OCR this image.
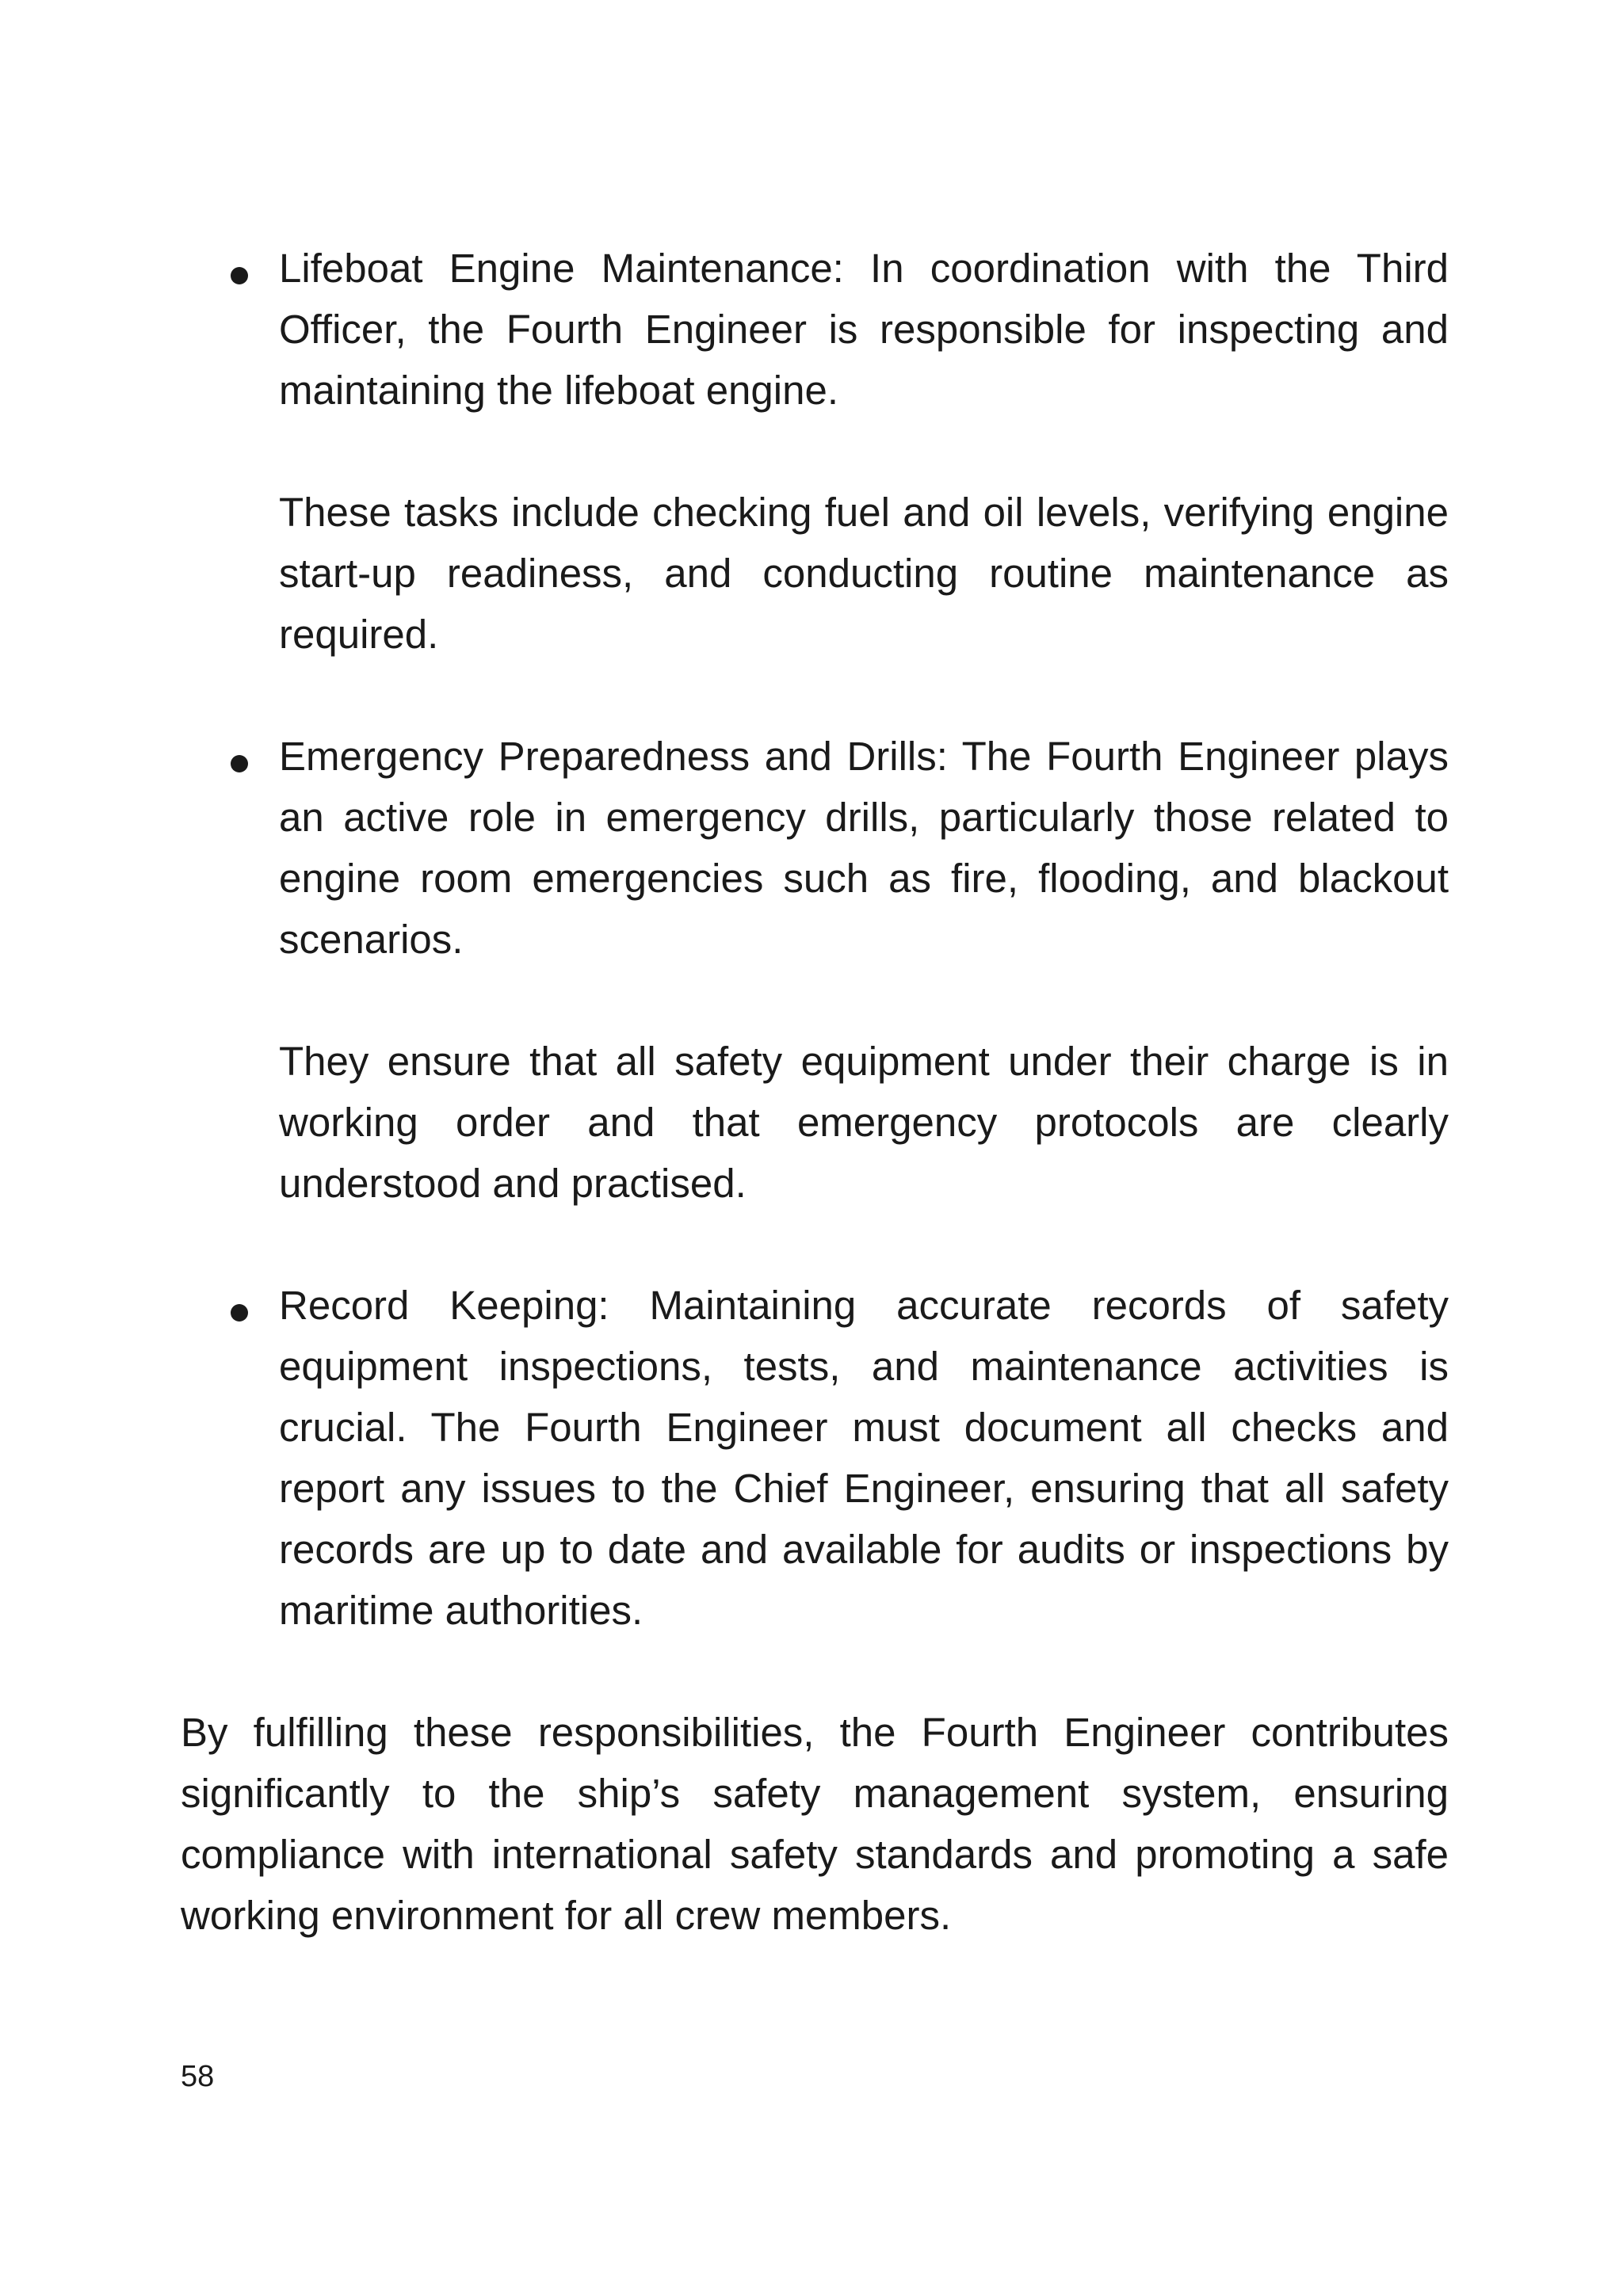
Lifeboat Engine Maintenance: In coordination with the Third Officer, the Fourth Engineer is responsible for inspecting and maintaining the lifeboat engine.

These tasks include checking fuel and oil levels, verifying engine start-up readiness, and conducting routine maintenance as required.

Emergency Preparedness and Drills: The Fourth Engineer plays an active role in emergency drills, particularly those related to engine room emergencies such as fire, flooding, and blackout scenarios.

They ensure that all safety equipment under their charge is in working order and that emergency protocols are clearly understood and practised.

Record Keeping: Maintaining accurate records of safety equipment inspections, tests, and maintenance activities is crucial. The Fourth Engineer must document all checks and report any issues to the Chief Engineer, ensuring that all safety records are up to date and available for audits or inspections by maritime authorities.

By fulfilling these responsibilities, the Fourth Engineer contributes significantly to the ship’s safety management system, ensuring compliance with international safety standards and promoting a safe working environment for all crew members.

58
